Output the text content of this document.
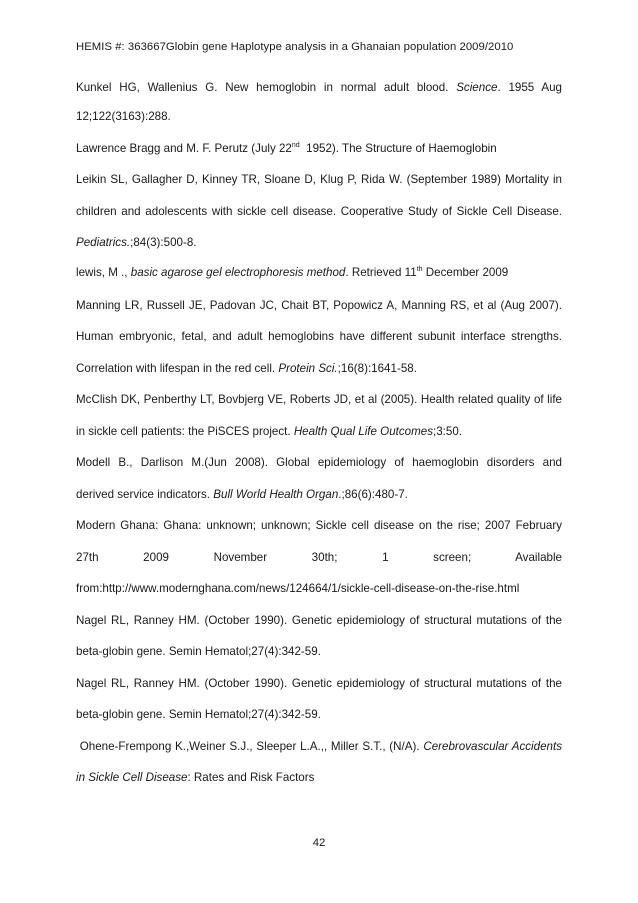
HEMIS #: 363667Globin gene Haplotype analysis in a Ghanaian population 2009/2010
Kunkel HG, Wallenius G. New hemoglobin in normal adult blood. Science. 1955 Aug
12;122(3163):288.
Lawrence Bragg and M. F. Perutz (July 22nd  1952). The Structure of Haemoglobin
Leikin SL, Gallagher D, Kinney TR, Sloane D, Klug P, Rida W. (September 1989) Mortality in
children and adolescents with sickle cell disease. Cooperative Study of Sickle Cell Disease.
Pediatrics.;84(3):500-8.
lewis, M ., basic agarose gel electrophoresis method. Retrieved 11th December 2009
Manning LR, Russell JE, Padovan JC, Chait BT, Popowicz A, Manning RS, et al (Aug 2007).
Human embryonic, fetal, and adult hemoglobins have different subunit interface strengths.
Correlation with lifespan in the red cell. Protein Sci.;16(8):1641-58.
McClish DK, Penberthy LT, Bovbjerg VE, Roberts JD, et al (2005). Health related quality of life
in sickle cell patients: the PiSCES project. Health Qual Life Outcomes;3:50.
Modell B., Darlison M.(Jun 2008). Global epidemiology of haemoglobin disorders and
derived service indicators. Bull World Health Organ.;86(6):480-7.
Modern Ghana: Ghana: unknown; unknown; Sickle cell disease on the rise; 2007 February
27th 2009 November 30th; 1 screen; Available
from:http://www.modernghana.com/news/124664/1/sickle-cell-disease-on-the-rise.html
Nagel RL, Ranney HM. (October 1990). Genetic epidemiology of structural mutations of the
beta-globin gene. Semin Hematol;27(4):342-59.
Nagel RL, Ranney HM. (October 1990). Genetic epidemiology of structural mutations of the
beta-globin gene. Semin Hematol;27(4):342-59.
Ohene-Frempong K.,Weiner S.J., Sleeper L.A.,, Miller S.T., (N/A). Cerebrovascular Accidents
in Sickle Cell Disease: Rates and Risk Factors
42
